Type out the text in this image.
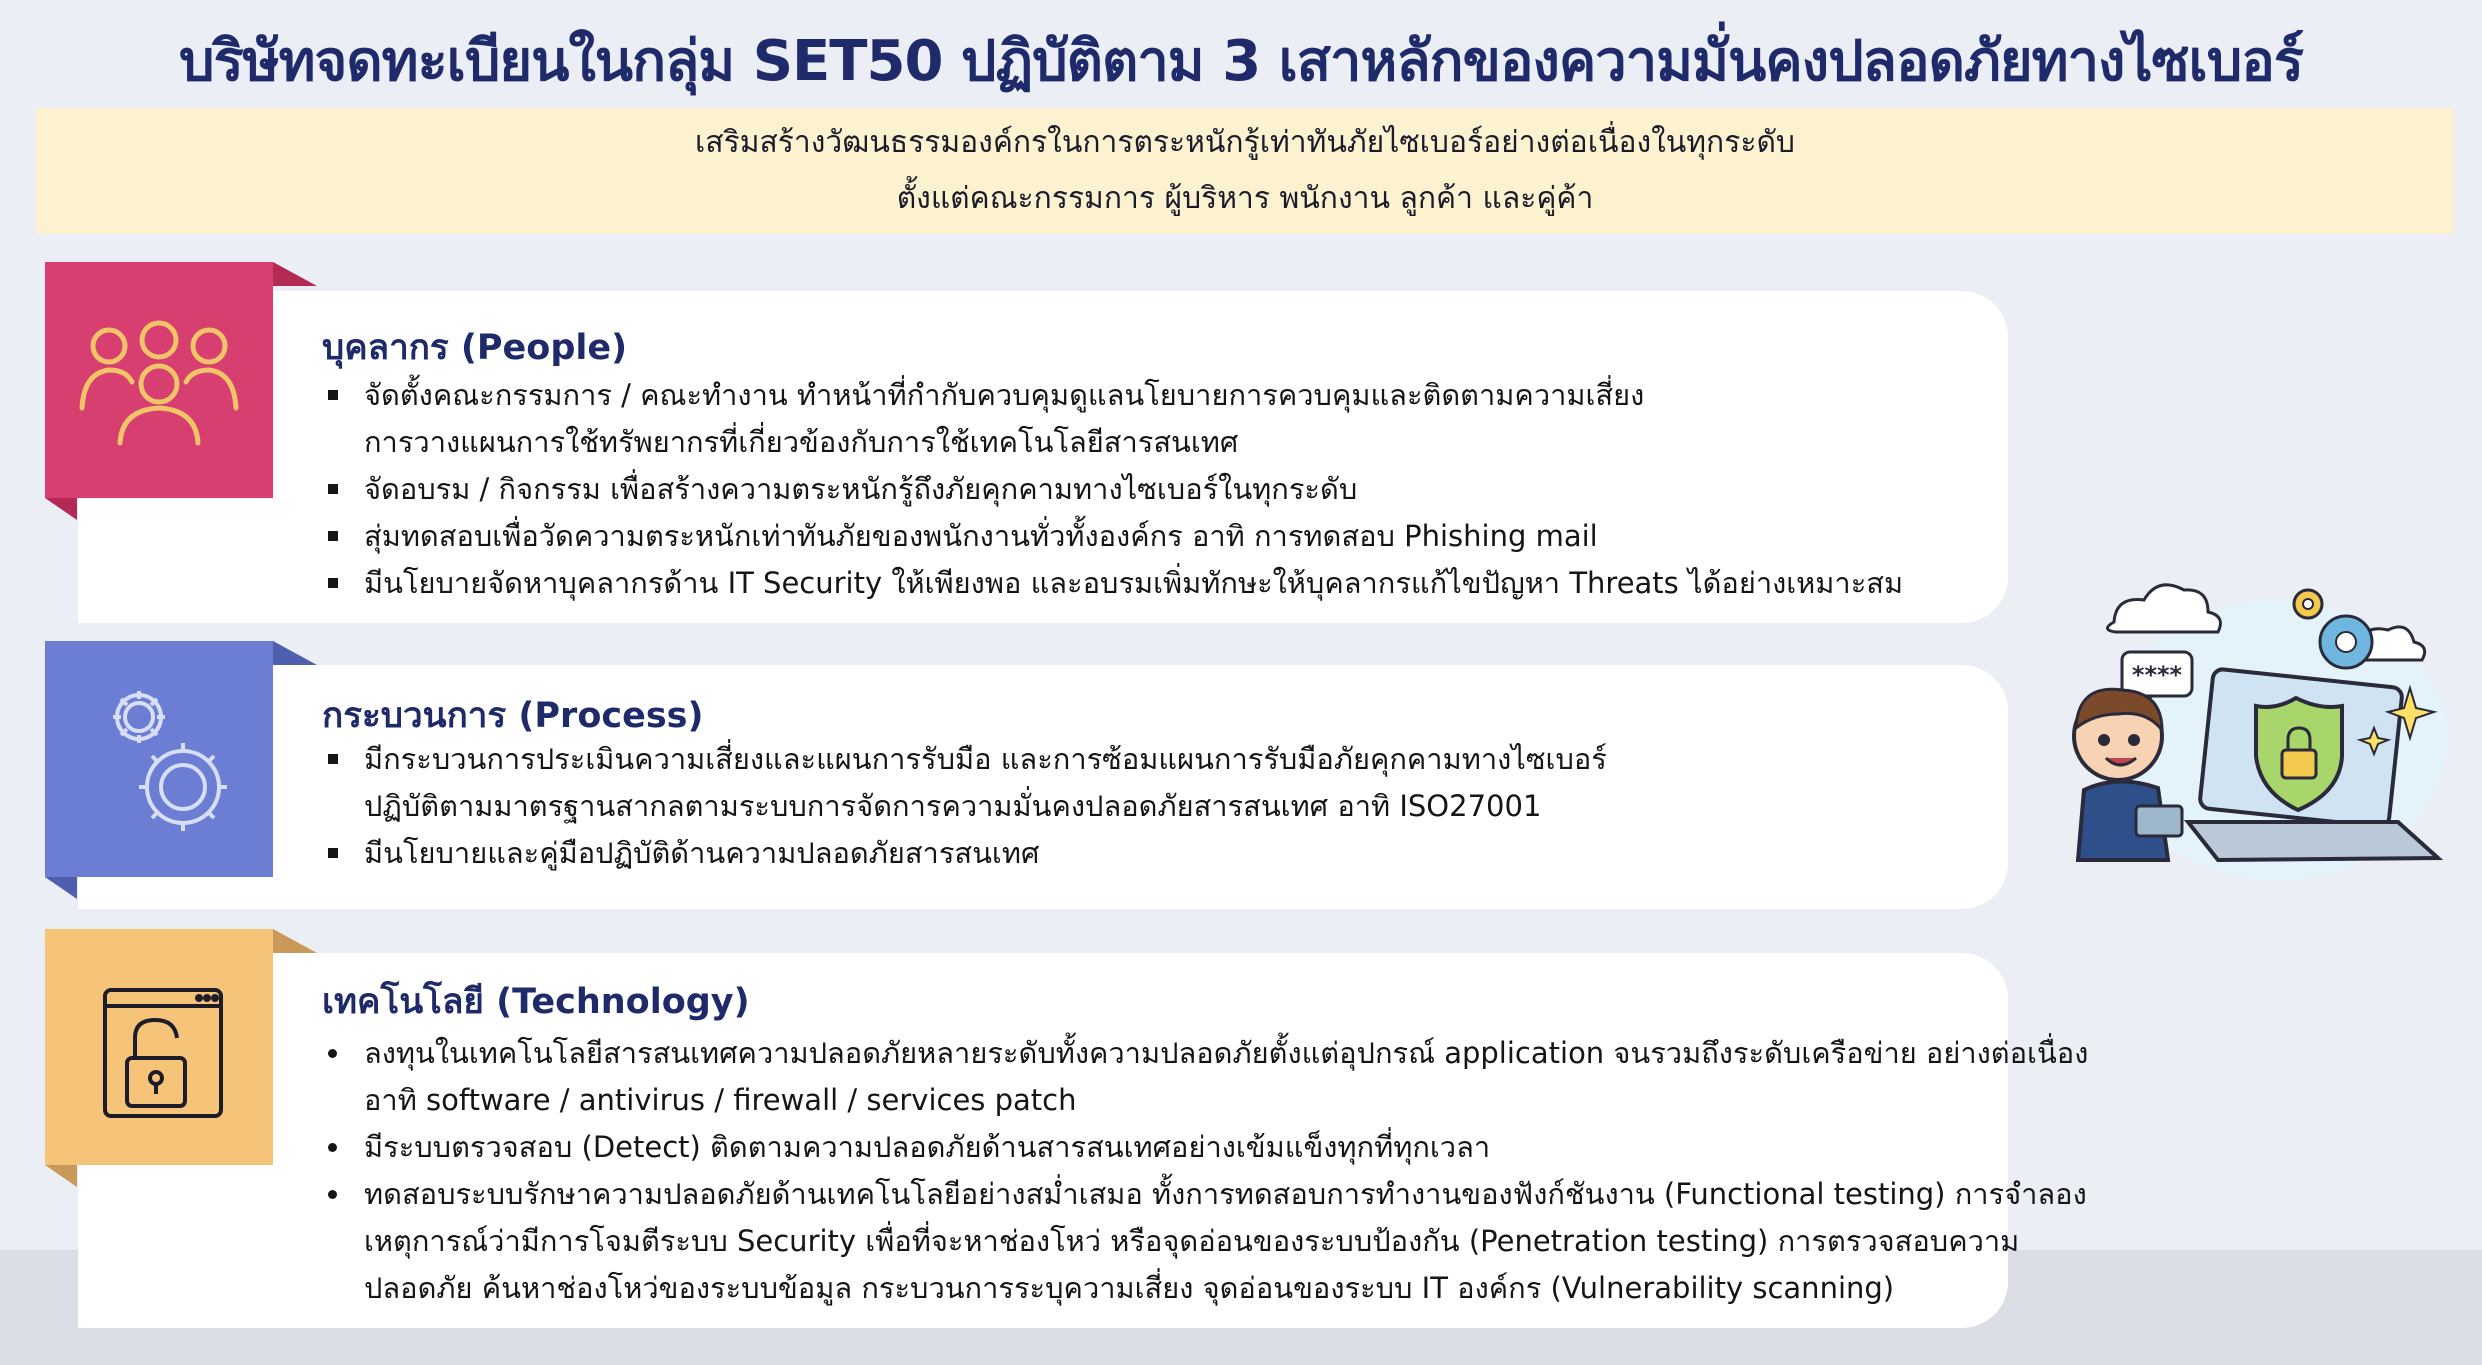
บริษัทจดทะเบียนในกลุ่ม SET50 ปฏิบัติตาม 3 เสาหลักของความมั่นคงปลอดภัยทางไซเบอร์
เสริมสร้างวัฒนธรรมองค์กรในการตระหนักรู้เท่าทันภัยไซเบอร์อย่างต่อเนื่องในทุกระดับ
ตั้งแต่คณะกรรมการ ผู้บริหาร พนักงาน ลูกค้า และคู่ค้า
บุคลากร (People)
จัดตั้งคณะกรรมการ / คณะทำงาน ทำหน้าที่กำกับควบคุมดูแลนโยบายการควบคุมและติดตามความเสี่ยง
การวางแผนการใช้ทรัพยากรที่เกี่ยวข้องกับการใช้เทคโนโลยีสารสนเทศ
จัดอบรม / กิจกรรม เพื่อสร้างความตระหนักรู้ถึงภัยคุกคามทางไซเบอร์ในทุกระดับ
สุ่มทดสอบเพื่อวัดความตระหนักเท่าทันภัยของพนักงานทั่วทั้งองค์กร อาทิ การทดสอบ Phishing mail
มีนโยบายจัดหาบุคลากรด้าน IT Security ให้เพียงพอ และอบรมเพิ่มทักษะให้บุคลากรแก้ไขปัญหา Threats ได้อย่างเหมาะสม
กระบวนการ (Process)
มีกระบวนการประเมินความเสี่ยงและแผนการรับมือ และการซ้อมแผนการรับมือภัยคุกคามทางไซเบอร์
ปฏิบัติตามมาตรฐานสากลตามระบบการจัดการความมั่นคงปลอดภัยสารสนเทศ อาทิ ISO27001
มีนโยบายและคู่มือปฏิบัติด้านความปลอดภัยสารสนเทศ
เทคโนโลยี (Technology)
ลงทุนในเทคโนโลยีสารสนเทศความปลอดภัยหลายระดับทั้งความปลอดภัยตั้งแต่อุปกรณ์ application จนรวมถึงระดับเครือข่าย อย่างต่อเนื่อง
อาทิ software / antivirus / firewall / services patch
มีระบบตรวจสอบ (Detect) ติดตามความปลอดภัยด้านสารสนเทศอย่างเข้มแข็งทุกที่ทุกเวลา
ทดสอบระบบรักษาความปลอดภัยด้านเทคโนโลยีอย่างสม่ำเสมอ ทั้งการทดสอบการทำงานของฟังก์ชันงาน (Functional testing) การจำลอง
เหตุการณ์ว่ามีการโจมตีระบบ Security เพื่อที่จะหาช่องโหว่ หรือจุดอ่อนของระบบป้องกัน (Penetration testing) การตรวจสอบความ
ปลอดภัย ค้นหาช่องโหว่ของระบบข้อมูล กระบวนการระบุความเสี่ยง จุดอ่อนของระบบ IT องค์กร (Vulnerability scanning)
****
